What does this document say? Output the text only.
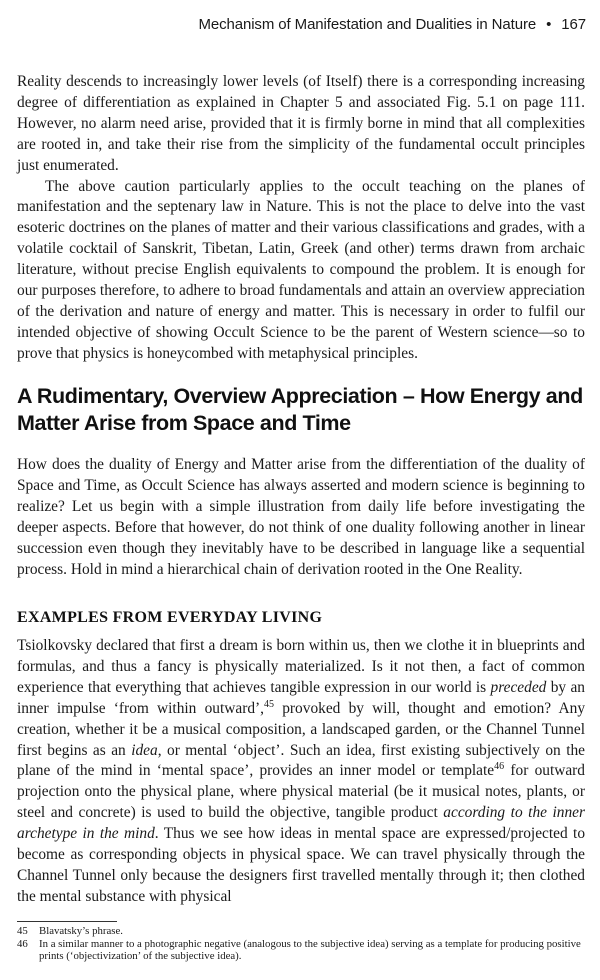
Mechanism of Manifestation and Dualities in Nature • 167

Reality descends to increasingly lower levels (of Itself) there is a corresponding increasing degree of differentiation as explained in Chapter 5 and associated Fig. 5.1 on page 111. However, no alarm need arise, provided that it is firmly borne in mind that all complexities are rooted in, and take their rise from the simplicity of the fundamental occult principles just enumerated.

The above caution particularly applies to the occult teaching on the planes of manifestation and the septenary law in Nature. This is not the place to delve into the vast esoteric doctrines on the planes of matter and their various classifications and grades, with a volatile cocktail of Sanskrit, Tibetan, Latin, Greek (and other) terms drawn from archaic literature, without precise English equivalents to compound the problem. It is enough for our purposes therefore, to adhere to broad fundamentals and attain an overview appreciation of the derivation and nature of energy and matter. This is necessary in order to fulfil our intended objective of showing Occult Science to be the parent of Western science—so to prove that physics is honeycombed with metaphysical principles.

A Rudimentary, Overview Appreciation – How Energy and Matter Arise from Space and Time

How does the duality of Energy and Matter arise from the differentiation of the duality of Space and Time, as Occult Science has always asserted and modern science is beginning to realize? Let us begin with a simple illustration from daily life before investigating the deeper aspects. Before that however, do not think of one duality following another in linear succession even though they inevitably have to be described in language like a sequential process. Hold in mind a hierarchical chain of derivation rooted in the One Reality.

EXAMPLES FROM EVERYDAY LIVING

Tsiolkovsky declared that first a dream is born within us, then we clothe it in blueprints and formulas, and thus a fancy is physically materialized. Is it not then, a fact of common experience that everything that achieves tangible expression in our world is preceded by an inner impulse ‘from within outward’,$^{45}$ provoked by will, thought and emotion? Any creation, whether it be a musical composition, a landscaped garden, or the Channel Tunnel first begins as an idea, or mental ‘object’. Such an idea, first existing subjectively on the plane of the mind in ‘mental space’, provides an inner model or template$^{46}$ for outward projection onto the physical plane, where physical material (be it musical notes, plants, or steel and concrete) is used to build the objective, tangible product according to the inner archetype in the mind. Thus we see how ideas in mental space are expressed/projected to become as corresponding objects in physical space. We can travel physically through the Channel Tunnel only because the designers first travelled mentally through it; then clothed the mental substance with physical

45	Blavatsky’s phrase.

46	In a similar manner to a photographic negative (analogous to the subjective idea) serving as a template for producing positive prints (‘objectivization’ of the subjective idea).
